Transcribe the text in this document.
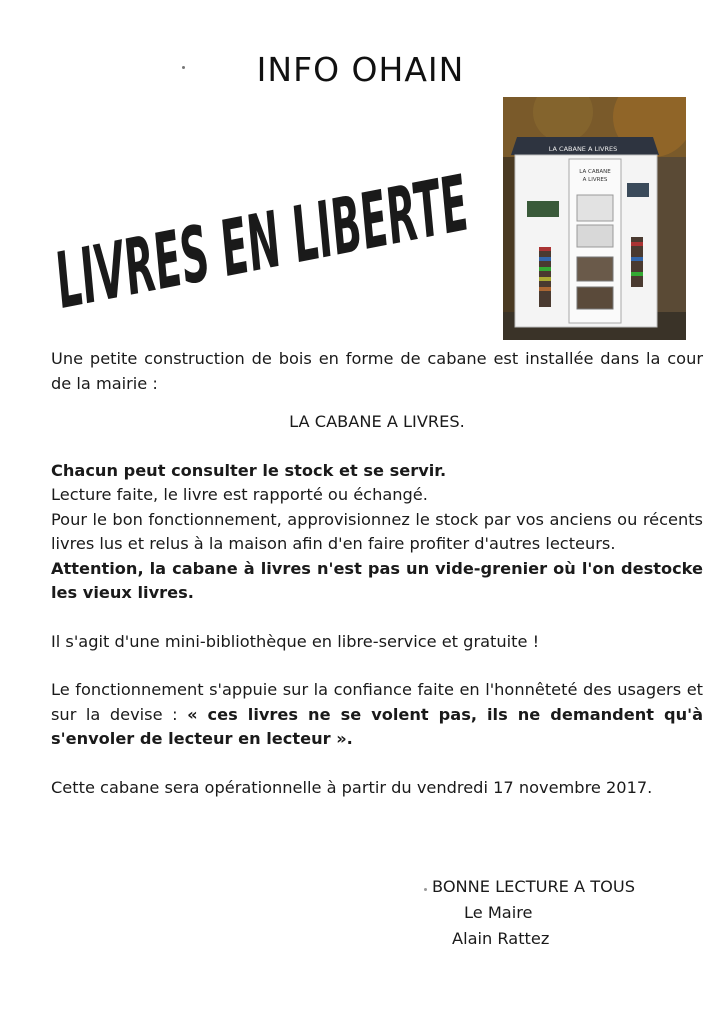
INFO OHAIN
LIVRES EN LIBERTE	LA CABANE A LIVRES
LA CABANE
A LIVRES

Une petite construction de bois en forme de cabane est installée dans la cour de la mairie :

LA CABANE A LIVRES.

Chacun peut consulter le stock et se servir.

Lecture faite, le livre est rapporté ou échangé.

Pour le bon fonctionnement, approvisionnez le stock par vos anciens ou récents livres lus et relus à la maison afin d'en faire profiter d'autres lecteurs.

Attention, la cabane à livres n'est pas un vide-grenier où l'on destocke les vieux livres.

Il s'agit d'une mini-bibliothèque en libre-service et gratuite !

Le fonctionnement s'appuie sur la confiance faite en l'honnêteté des usagers et sur la devise : « ces livres ne se volent pas, ils ne demandent qu'à s'envoler de lecteur en lecteur ».

Cette cabane sera opérationnelle à partir du vendredi 17 novembre 2017.

BONNE LECTURE A TOUS
Le Maire
Alain Rattez
